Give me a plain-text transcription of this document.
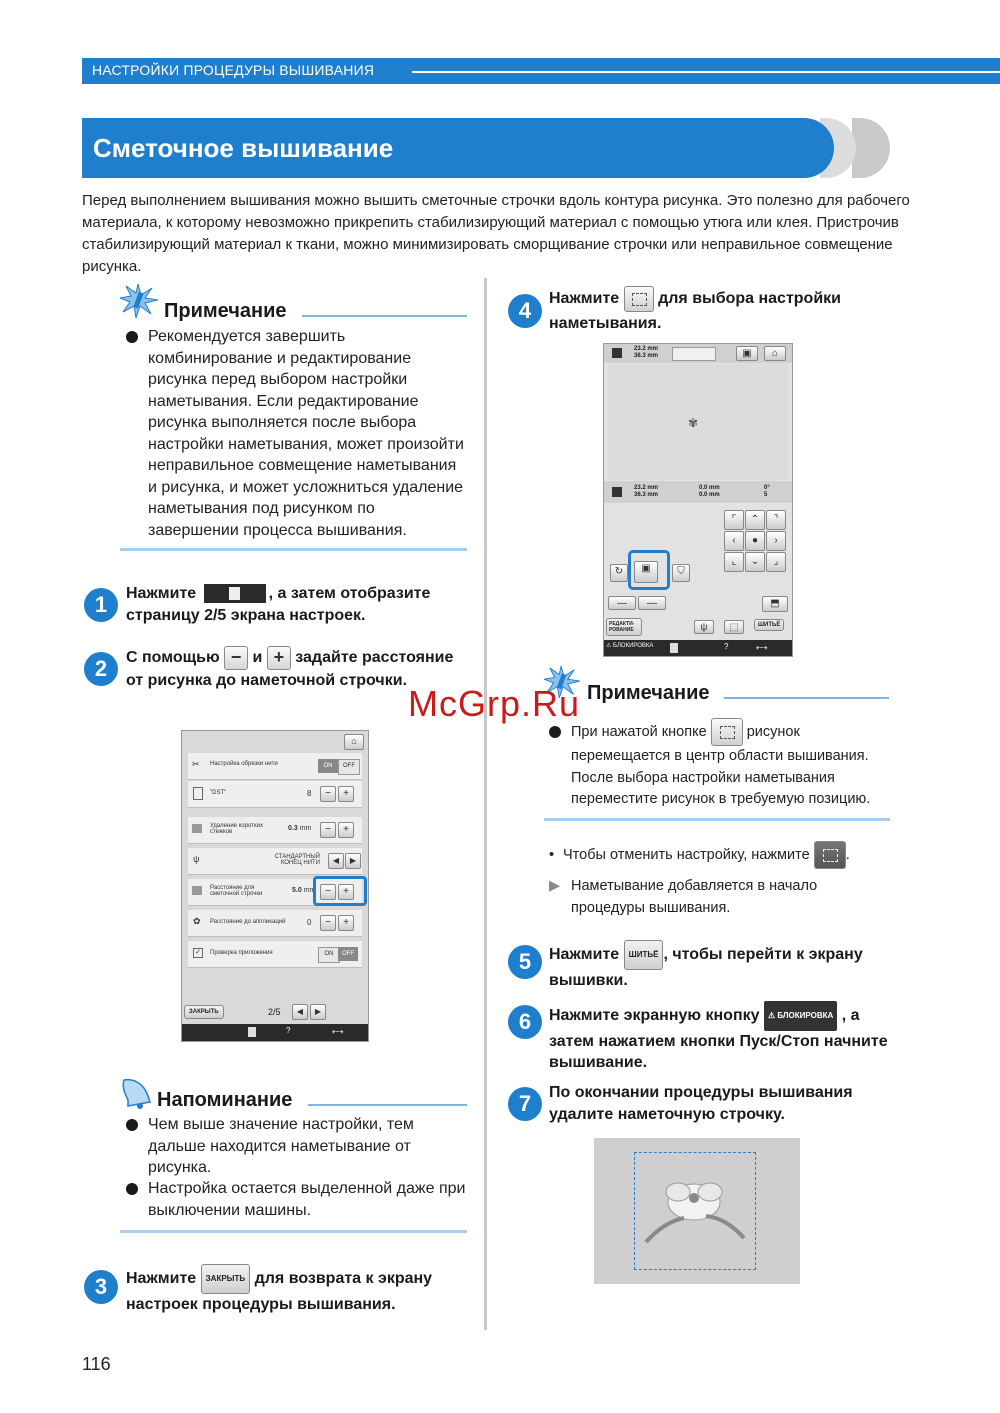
НАСТРОЙКИ ПРОЦЕДУРЫ ВЫШИВАНИЯ
Сметочное вышивание
Перед выполнением вышивания можно вышить сметочные строчки вдоль контура рисунка. Это полезно для рабочего материала, к которому невозможно прикрепить стабилизирующий материал с помощью утюга или клея. Пристрочив стабилизирующий материал к ткани, можно минимизировать сморщивание строчки или неправильное совмещение рисунка.
Примечание
Рекомендуется завершить комбинирование и редактирование рисунка перед выбором настройки наметывания. Если редактирование рисунка выполняется после выбора настройки наметывания, может произойти неправильное совмещение наметывания и рисунка, и может усложниться удаление наметывания под рисунком по завершении процесса вышивания.
1	Нажмите	, а затем отобразите страницу 2/5 экрана настроек.
2	С помощью − и + задайте расстояние от рисунка до наметочной строчки.
⌂
✂ Настройка обрезки нити	ON	OFF
"DST"	8	−	+
Удаление коротких стежков	0.3 mm	−	+
ψ	СТАНДАРТНЫЙ КОНЕЦ НИТИ	◀	▶
Расстояние для сметочной строчки	5.0 mm −	+
✿ Расстояние до аппликаций	0	−	+
✓	Проверка приложения	ON	OFF
ЗАКРЫТЬ	2/5	◀	▶
?	⟷
Напоминание
Чем выше значение настройки, тем дальше находится наметывание от рисунка.
Настройка остается выделенной даже при выключении машины.
3	Нажмите ЗАКРЫТЬ для возврата к экрану настроек процедуры вышивания.
4	Нажмите для выбора настройки наметывания.
23.2 mm
36.3 mm	▣	⌂
✾
23.2 mm
36.3 mm
0.0 mm
0.0 mm
0°
5
⌜	⌃	⌝
‹	●	›
⌞	⌄	⌟
↻	▣	⛉
—	—	⬒
РЕДАКТИ-РОВАНИЕ	ψ	⬚	ШИТЬЁ
⚠ БЛОКИРОВКА	?	⟷
Примечание
При нажатой кнопке	рисунок перемещается в центр области вышивания. После выбора настройки наметывания переместите рисунок в требуемую позицию.
• Чтобы отменить настройку, нажмите .
▶ Наметывание добавляется в начало процедуры вышивания.
5	Нажмите ШИТЬЁ , чтобы перейти к экрану вышивки.
6	Нажмите экранную кнопку ⚠ БЛОКИРОВКА , а затем нажатием кнопки Пуск/Стоп начните вышивание.
7	По окончании процедуры вышивания удалите наметочную строчку.
McGrp.Ru
116
